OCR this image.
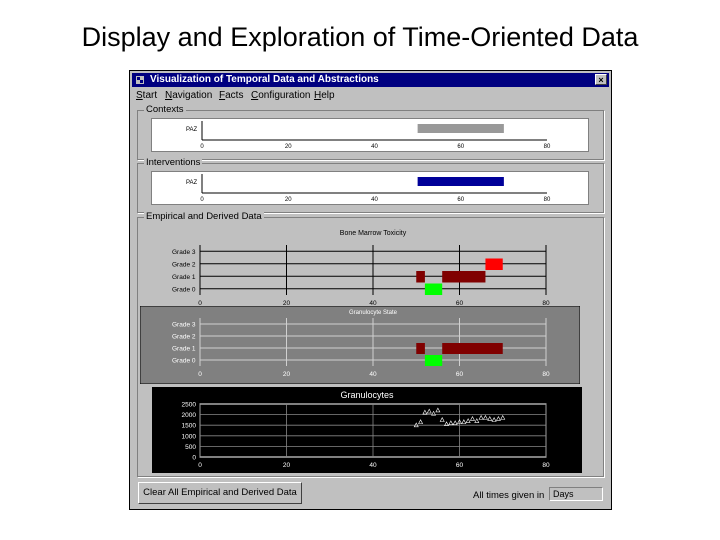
Display and Exploration of Time-Oriented Data
Visualization of Temporal Data and Abstractions	×
Start Navigation Facts Configuration Help
Contexts
PAZ
0	20	40	60	80
Interventions
PAZ
0	20	40	60	80
Empirical and Derived Data
Bone Marrow Toxicity
Grade 3
Grade 2
Grade 1
Grade 0
0	20	40	60	80
Granulocyte State
Grade 3
Grade 2
Grade 1
Grade 0
0	20	40	60	80
Granulocytes
2500
2000
1500
1000
500
0
0	20	40	60	80
Clear All Empirical and Derived Data	All times given in Days
